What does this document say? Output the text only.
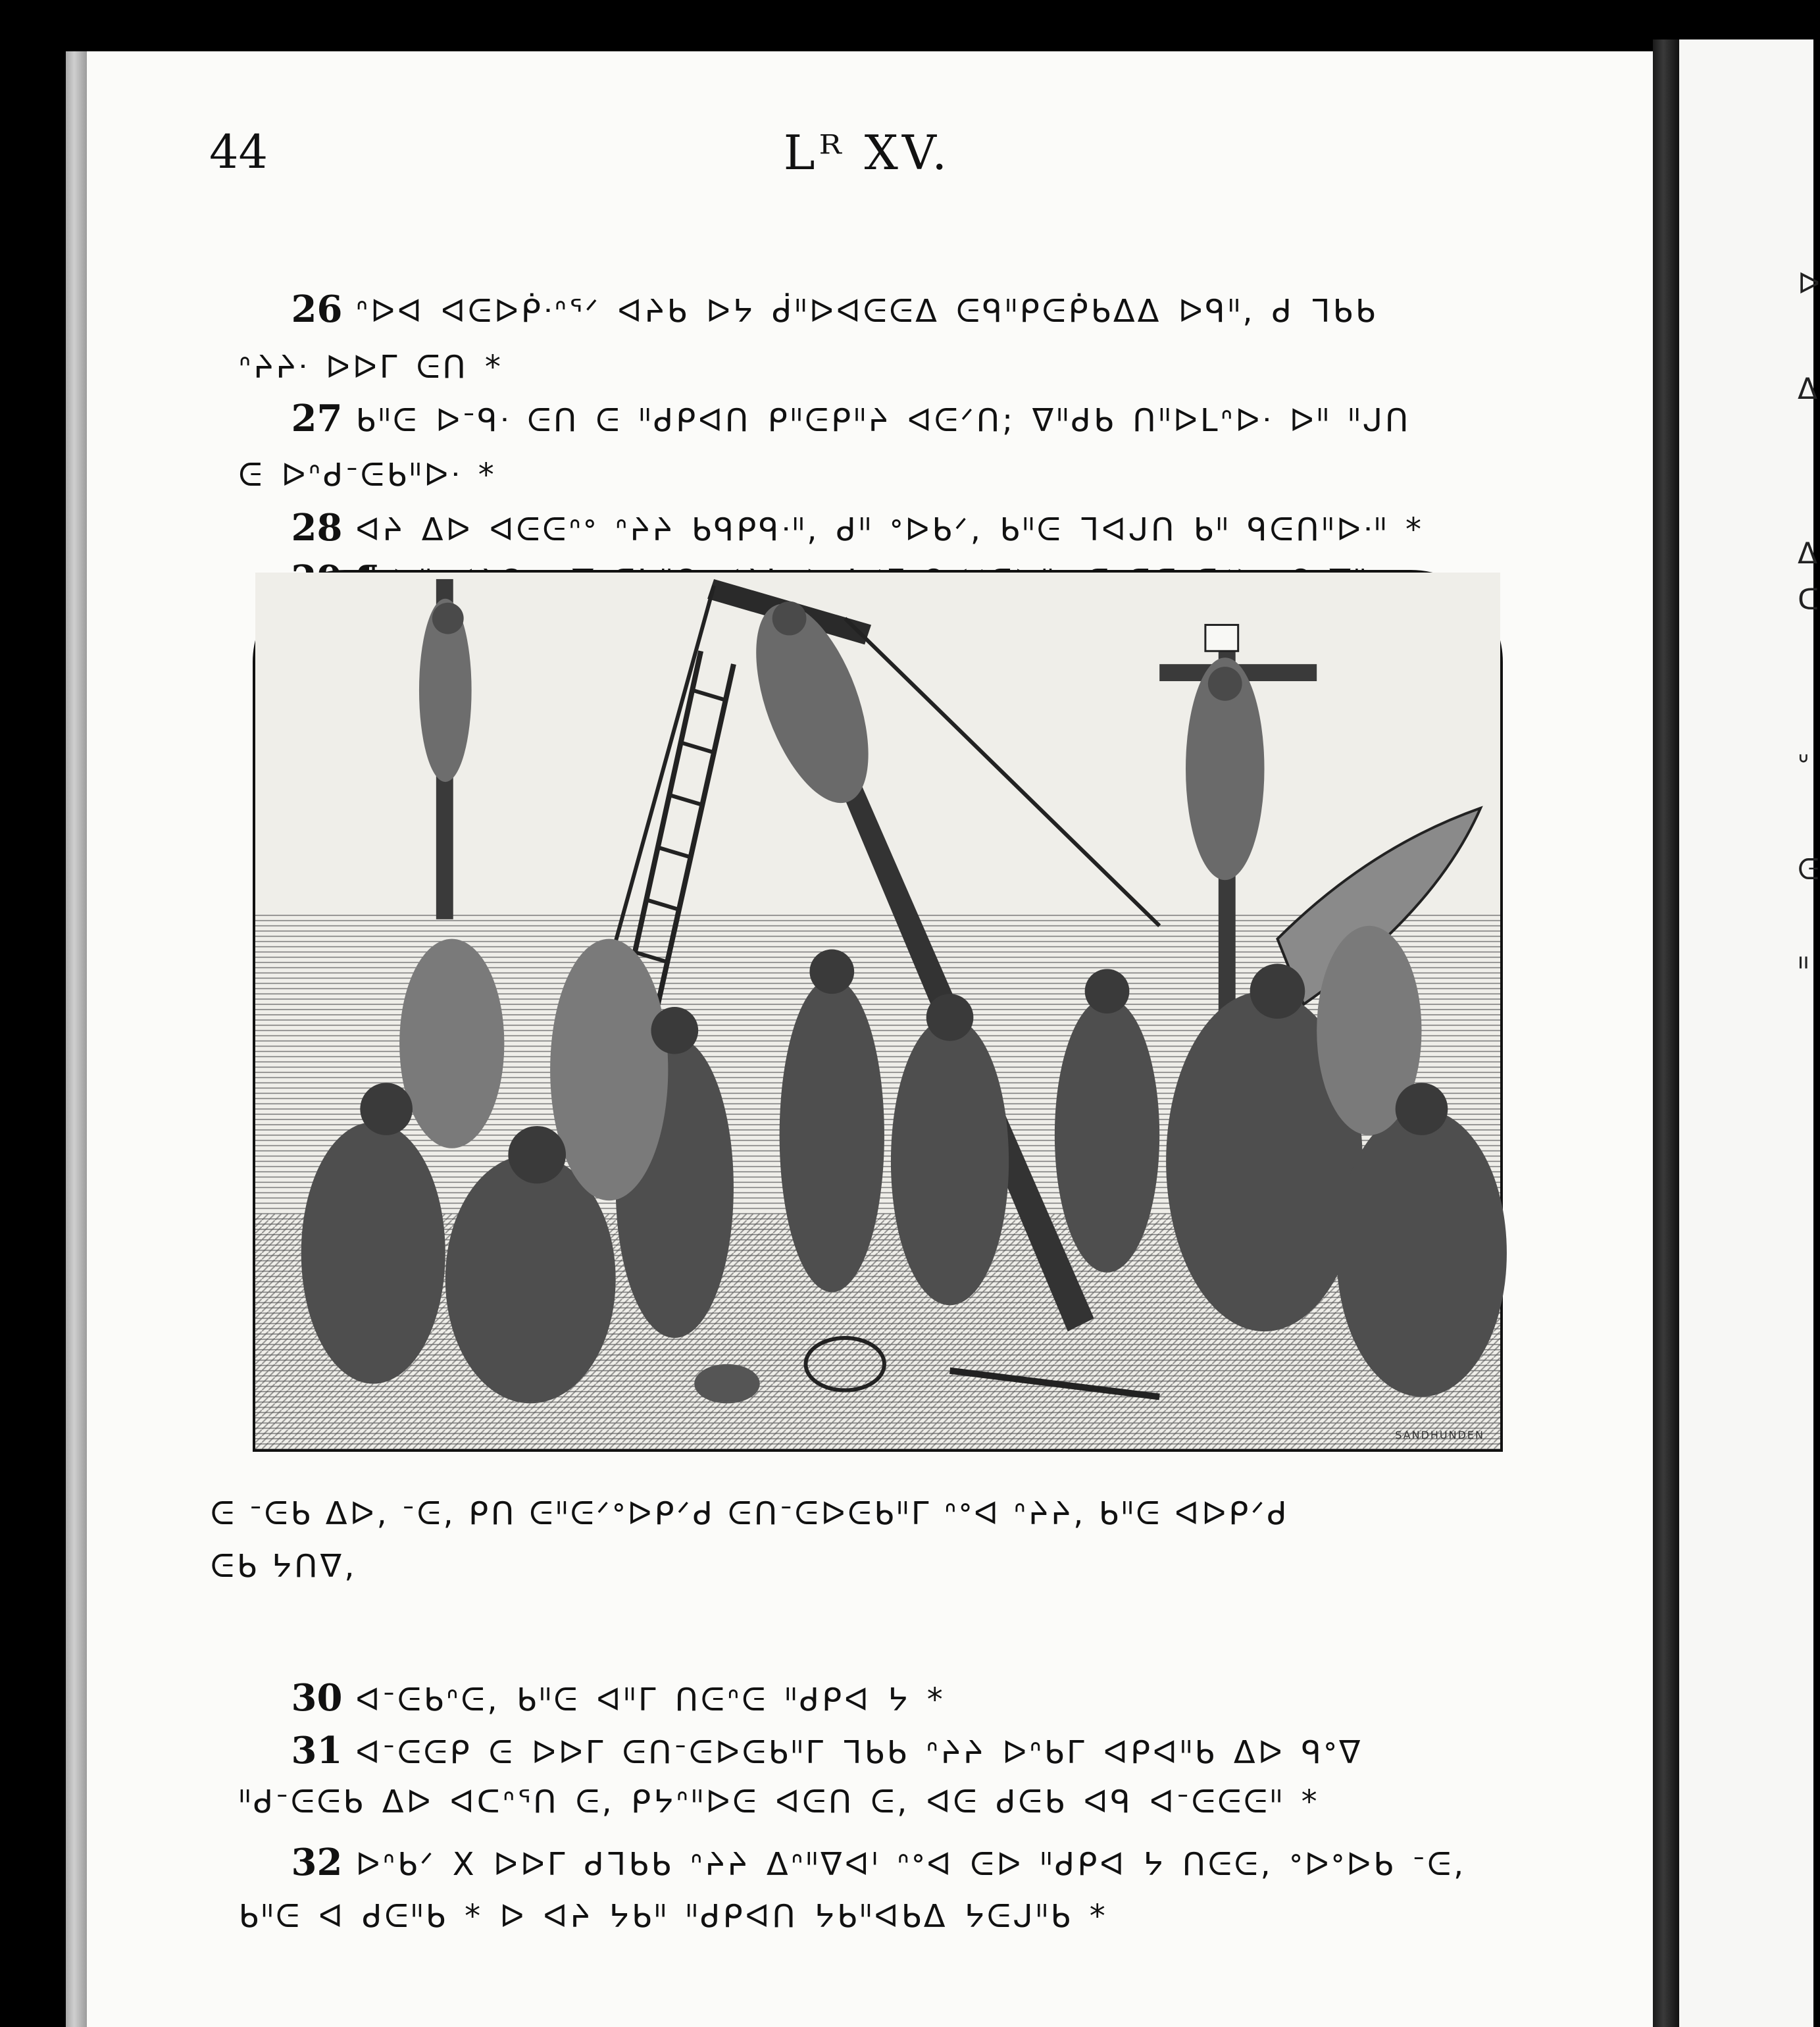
ᐅ
ᐃ
ᐃ
ᑕ
ᐡ
ᕮ
ᐦ
44	Lᴿ XV.

26 ᐢᐅᐊ ᐊᕮᐅᑮᐧᐢᕐᐟ ᐊᔨᑲ ᐅᔭ ᑰᐦᐅᐊᕮᕮᐃ ᕮᑫᐦᑭᕮᑮᑲᐃᐃ ᐅᑫᐦ, ᑯ ᒣᑲᑲ

ᐢᔨᔨᐧ ᐅᐅᒥ ᕮᑎ *

27 ᑲᐦᕮ ᐅᐨᑫᐧ ᕮᑎ ᕮ ᐦᑯᑭᐊᑎ ᑭᐦᕮᑭᐦᔨ ᐊᕮᐟᑎ; ᐁᐦᑯᑲ ᑎᐦᐅᒪᐢᐅᐧ ᐅᐦ ᐦᒍᑎ

ᕮ ᐅᐢᑯᐨᕮᑲᐦᐅᐧ *

28 ᐊᔨ ᐃᐅ ᐊᕮᕮᐢᐤ ᐢᔨᔨ ᑲᑫᑭᑫᐧᐦ, ᑯᐦ ᐤᐅᑲᐟ, ᑲᐦᕮ ᒣᐊᒍᑎ ᑲᐦ ᑫᕮᑎᐦᐅᐧᐦ *

SANDHUNDEN
ᕮ ᐨᕮᑲ ᐃᐅ, ᐨᕮ, ᑭᑎ ᕮᐦᕮᐟᐤᐅᑭᐟᑯ ᕮᑎᐨᕮᐅᕮᑲᐦᒥ ᐢᐤᐊ ᐢᔨᔨ, ᑲᐦᕮ ᐊᐅᑭᐟᑯ
ᕮᑲ ᔭᑎᐁ,

30 ᐊᐨᕮᑲᐢᕮ, ᑲᐦᕮ ᐊᐦᒥ ᑎᕮᐢᕮ ᐦᑯᑭᐊ ᔭ *

31 ᐊᐨᕮᕮᑭ ᕮ ᐅᐅᒥ ᕮᑎᐨᕮᐅᕮᑲᐦᒥ ᒣᑲᑲ ᐢᔨᔨ ᐅᐢᑲᒥ ᐊᑭᐊᐦᑲ ᐃᐅ ᑫᐤᐁ

ᐦᑯᐨᕮᕮᑲ ᐃᐅ ᐊᑕᐢᕐᑎ ᕮ, ᑭᔭᐢᐦᐅᕮ ᐊᕮᑎ ᕮ, ᐊᕮ ᑯᕮᑲ ᐊᑫ ᐊᐨᕮᕮᕮᐦ *

32 ᐅᐢᑲᐟ X ᐅᐅᒥ ᑯᒣᑲᑲ ᐢᔨᔨ ᐃᐢᐦᐁᐊᑊ ᐢᐤᐊ ᕮᐅ ᐦᑯᑭᐊ ᔭ ᑎᕮᕮ, ᐤᐅᐤᐅᑲ ᐨᕮ,

ᑲᐦᕮ ᐊ ᑯᕮᐦᑲ * ᐅ ᐊᔨ ᔭᑲᐦ ᐦᑯᑭᐊᑎ ᔭᑲᐦᐊᑲᐃ ᔭᕮᒍᐦᑲ *
